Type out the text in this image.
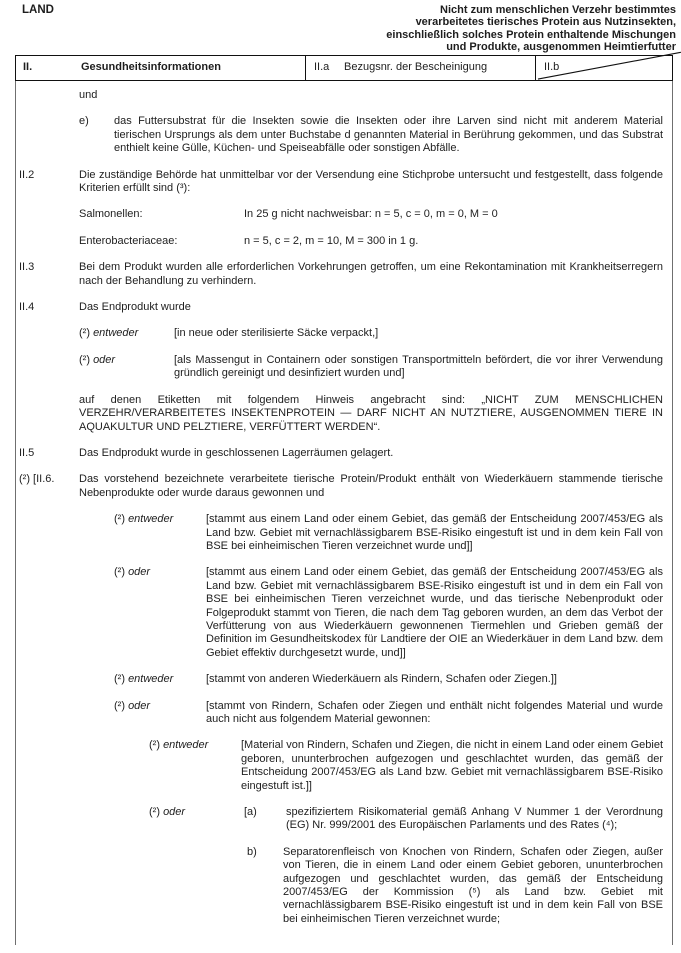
LAND	Nicht zum menschlichen Verzehr bestimmtes
verarbeitetes tierisches Protein aus Nutzinsekten,
einschließlich solches Protein enthaltende Mischungen
und Produkte, ausgenommen Heimtierfutter
II.	Gesundheitsinformationen	II.a	Bezugsnr. der Bescheinigung	II.b

und

e)	das Futtersubstrat für die Insekten sowie die Insekten oder ihre Larven sind nicht mit anderem Material tierischen Ursprungs als dem unter Buchstabe d genannten Material in Berührung gekommen, und das Substrat enthielt keine Gülle, Küchen- und Speiseabfälle oder sonstigen Abfälle.
II.2	Die zuständige Behörde hat unmittelbar vor der Versendung eine Stichprobe untersucht und festgestellt, dass folgende Kriterien erfüllt sind (³):
Salmonellen:	In 25 g nicht nachweisbar: n = 5, c = 0, m = 0, M = 0
Enterobacteriaceae:	n = 5, c = 2, m = 10, M = 300 in 1 g.
II.3	Bei dem Produkt wurden alle erforderlichen Vorkehrungen getroffen, um eine Rekontamination mit Krankheitserregern nach der Behandlung zu verhindern.
II.4	Das Endprodukt wurde
(²) entweder	[in neue oder sterilisierte Säcke verpackt,]
(²) oder	[als Massengut in Containern oder sonstigen Transportmitteln befördert, die vor ihrer Verwendung gründlich gereinigt und desinfiziert wurden und]

auf denen Etiketten mit folgendem Hinweis angebracht sind: „NICHT ZUM MENSCHLICHEN VERZEHR/VERARBEITETES INSEKTENPROTEIN — DARF NICHT AN NUTZTIERE, AUSGENOMMEN TIERE IN AQUAKULTUR UND PELZTIERE, VERFÜTTERT WERDEN“.

II.5	Das Endprodukt wurde in geschlossenen Lagerräumen gelagert.
(²) [II.6.	Das vorstehend bezeichnete verarbeitete tierische Protein/Produkt enthält von Wiederkäuern stammende tierische Nebenprodukte oder wurde daraus gewonnen und
(²) entweder	[stammt aus einem Land oder einem Gebiet, das gemäß der Entscheidung 2007/453/EG als Land bzw. Gebiet mit vernachlässigbarem BSE-Risiko eingestuft ist und in dem kein Fall von BSE bei einheimischen Tieren verzeichnet wurde und]]
(²) oder	[stammt aus einem Land oder einem Gebiet, das gemäß der Entscheidung 2007/453/EG als Land bzw. Gebiet mit vernachlässigbarem BSE-Risiko eingestuft ist und in dem ein Fall von BSE bei einheimischen Tieren verzeichnet wurde, und das tierische Nebenprodukt oder Folgeprodukt stammt von Tieren, die nach dem Tag geboren wurden, an dem das Verbot der Verfütterung von aus Wiederkäuern gewonnenen Tiermehlen und Grieben gemäß der Definition im Gesundheitskodex für Landtiere der OIE an Wiederkäuer in dem Land bzw. dem Gebiet effektiv durchgesetzt wurde, und]]
(²) entweder	[stammt von anderen Wiederkäuern als Rindern, Schafen oder Ziegen.]]
(²) oder	[stammt von Rindern, Schafen oder Ziegen und enthält nicht folgendes Material und wurde auch nicht aus folgendem Material gewonnen:
(²) entweder	[Material von Rindern, Schafen und Ziegen, die nicht in einem Land oder einem Gebiet geboren, ununterbrochen aufgezogen und geschlachtet wurden, das gemäß der Entscheidung 2007/453/EG als Land bzw. Gebiet mit vernachlässigbarem BSE-Risiko eingestuft ist.]]
(²) oder	[a)	spezifiziertem Risikomaterial gemäß Anhang V Nummer 1 der Verordnung (EG) Nr. 999/2001 des Europäischen Parlaments und des Rates (⁴);
b)	Separatorenfleisch von Knochen von Rindern, Schafen oder Ziegen, außer von Tieren, die in einem Land oder einem Gebiet geboren, ununterbrochen aufgezogen und geschlachtet wurden, das gemäß der Entscheidung 2007/453/EG der Kommission (⁵) als Land bzw. Gebiet mit vernachlässigbarem BSE-Risiko eingestuft ist und in dem kein Fall von BSE bei einheimischen Tieren verzeichnet wurde;
